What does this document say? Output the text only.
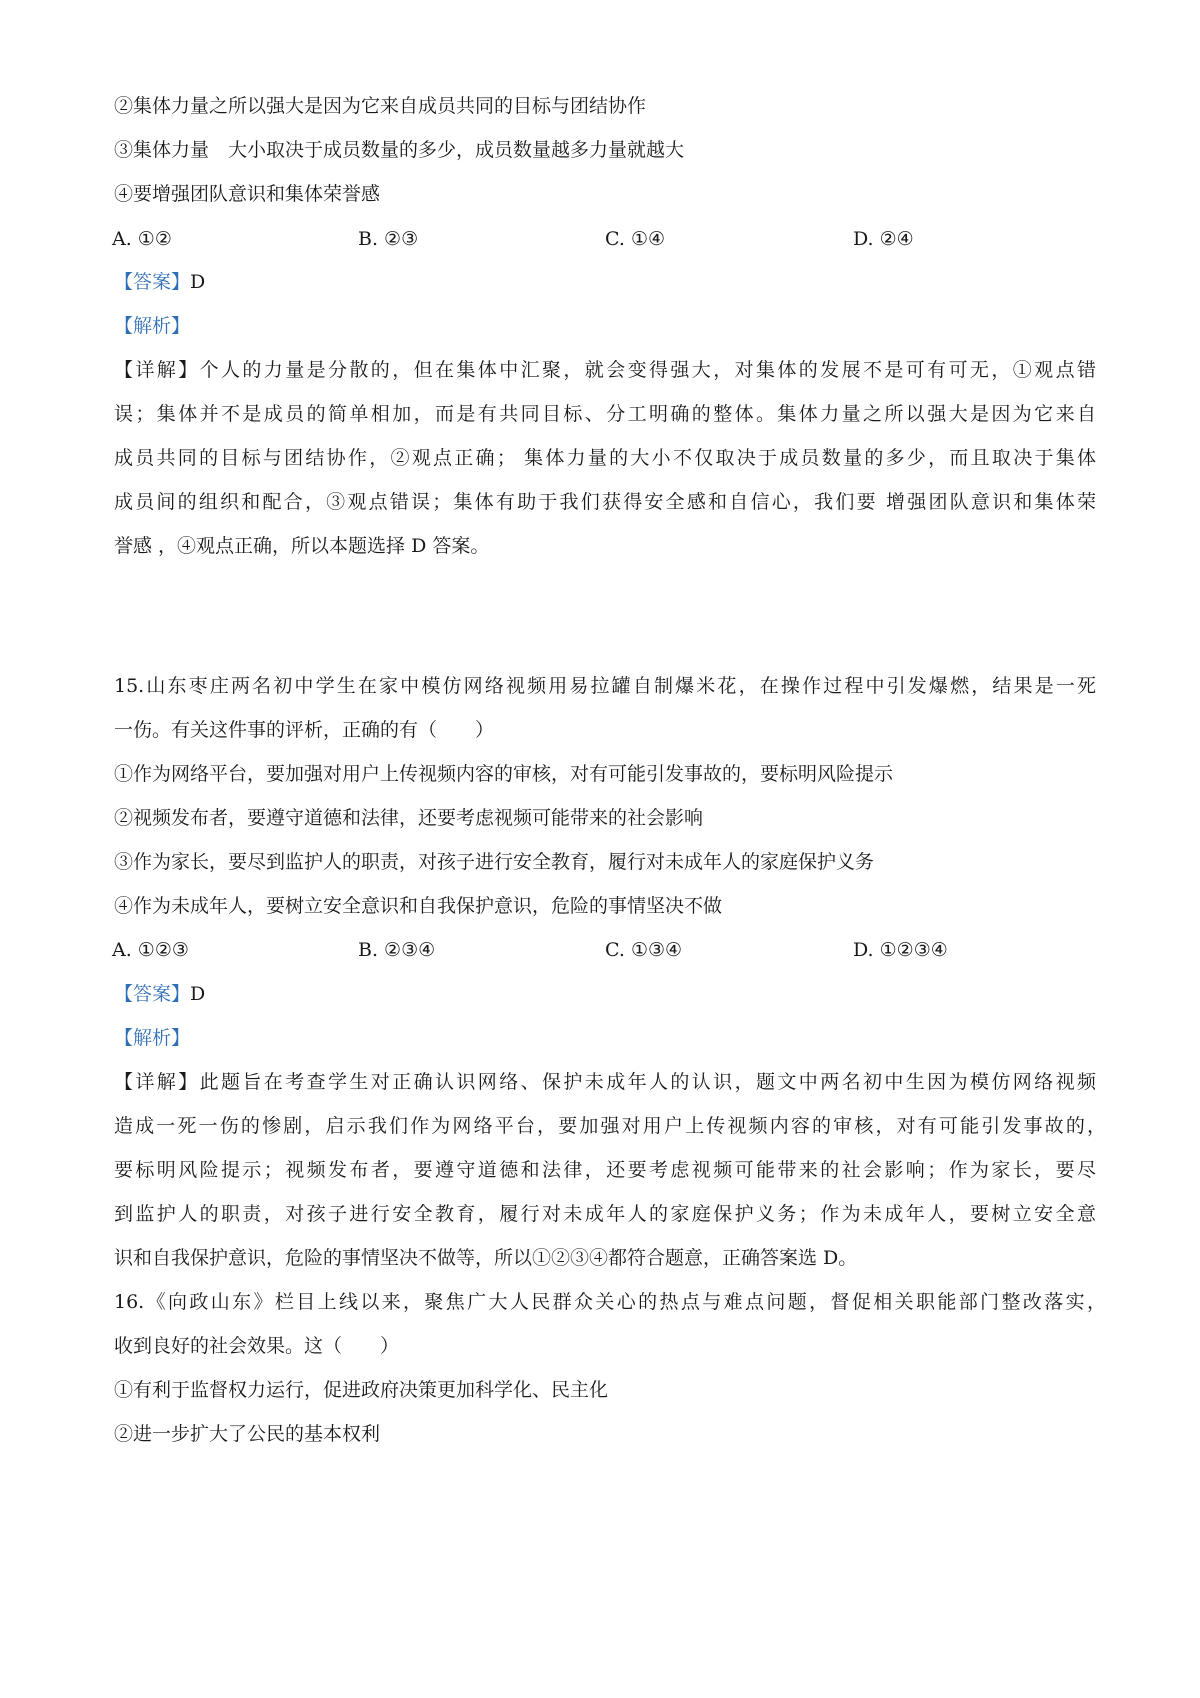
②集体力量之所以强大是因为它来自成员共同的目标与团结协作
③集体力量　大小取决于成员数量的多少，成员数量越多力量就越大
④要增强团队意识和集体荣誉感
A. ①②	B. ②③	C. ①④	D. ②④
【答案】D
【解析】
【详解】个人的力量是分散的，但在集体中汇聚，就会变得强大，对集体的发展不是可有可无，①观点错
误；集体并不是成员的简单相加，而是有共同目标、分工明确的整体。集体力量之所以强大是因为它来自
成员共同的目标与团结协作，②观点正确； 集体力量的大小不仅取决于成员数量的多少，而且取决于集体
成员间的组织和配合，③观点错误；集体有助于我们获得安全感和自信心，我们要 增强团队意识和集体荣
誉感 ，④观点正确，所以本题选择 D 答案。
15.山东枣庄两名初中学生在家中模仿网络视频用易拉罐自制爆米花，在操作过程中引发爆燃，结果是一死
一伤。有关这件事的评析，正确的有（　　）
①作为网络平台，要加强对用户上传视频内容的审核，对有可能引发事故的，要标明风险提示
②视频发布者，要遵守道德和法律，还要考虑视频可能带来的社会影响
③作为家长，要尽到监护人的职责，对孩子进行安全教育，履行对未成年人的家庭保护义务
④作为未成年人，要树立安全意识和自我保护意识，危险的事情坚决不做
A. ①②③	B. ②③④	C. ①③④	D. ①②③④
【答案】D
【解析】
【详解】此题旨在考查学生对正确认识网络、保护未成年人的认识，题文中两名初中生因为模仿网络视频
造成一死一伤的惨剧，启示我们作为网络平台，要加强对用户上传视频内容的审核，对有可能引发事故的，
要标明风险提示；视频发布者，要遵守道德和法律，还要考虑视频可能带来的社会影响；作为家长，要尽
到监护人的职责，对孩子进行安全教育，履行对未成年人的家庭保护义务；作为未成年人，要树立安全意
识和自我保护意识，危险的事情坚决不做等，所以①②③④都符合题意，正确答案选 D。
16.《向政山东》栏目上线以来，聚焦广大人民群众关心的热点与难点问题，督促相关职能部门整改落实，
收到良好的社会效果。这（　　）
①有利于监督权力运行，促进政府决策更加科学化、民主化
②进一步扩大了公民的基本权利
